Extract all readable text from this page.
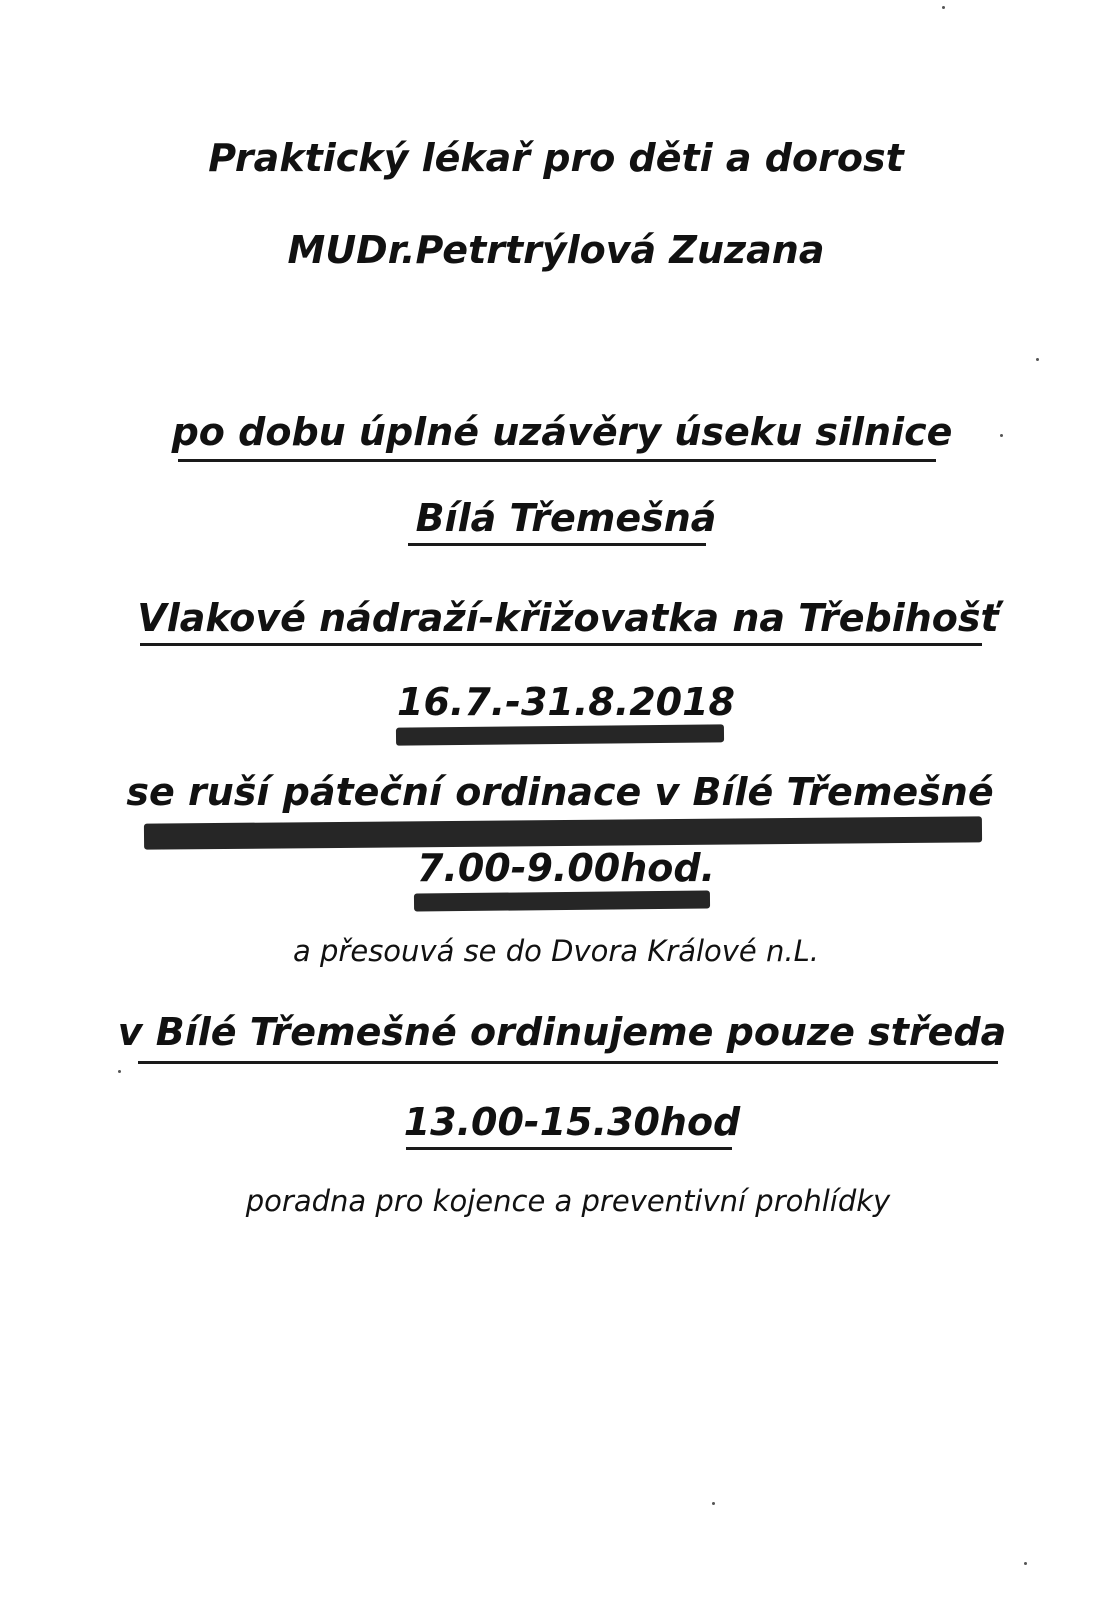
Praktický lékař pro děti a dorost
MUDr.Petrtrýlová Zuzana
po dobu úplné uzávěry úseku silnice
Bílá Třemešná
Vlakové nádraží-křižovatka na Třebihošť
16.7.-31.8.2018
se ruší páteční ordinace v Bílé Třemešné
7.00-9.00hod.
a přesouvá se do Dvora Králové n.L.
v Bílé Třemešné ordinujeme pouze středa
13.00-15.30hod
poradna pro kojence a preventivní prohlídky
